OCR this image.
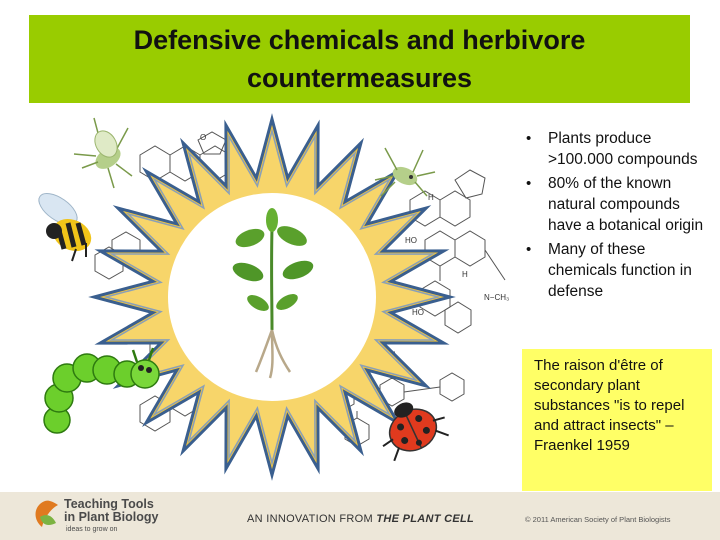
Defensive chemicals and herbivore countermeasures
HO
HO
H
H
N−CH₃
O	• Plants produce >100.000 compounds
• 80% of the known natural compounds have a botanical origin
• Many of these chemicals function in defense
The raison d'être of secondary plant substances "is to repel and attract insects" – Fraenkel 1959
Teaching Tools
in Plant Biology
ideas to grow on
AN INNOVATION FROM THE PLANT CELL	© 2011 American Society of Plant Biologists
